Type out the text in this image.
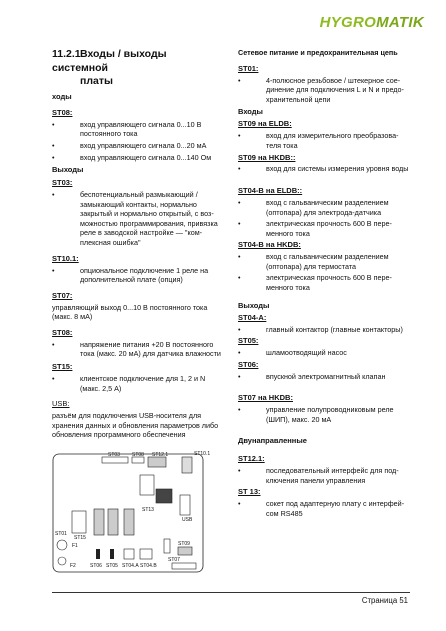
HYGROMATIK
11.2.1Входы / выходы системной
платы
ходы
ST08:
• вход управляющего сигнала 0...10 В постоянного тока
• вход управляющего сигнала 0...20 мА
• вход управляющего сигнала 0...140 Ом
Выходы
ST03:
• беспотенциальный размыкающий / замыкающий контакты, нормально закрытый и нормально открытый, с воз- можностью программирования, привязка реле в заводской настройке — "ком- плексная ошибка"
ST10.1:
• опциональное подключение 1 реле на дополнительной плате (опция)
ST07:

управляющий выход 0...10 В постоянного тока (макс. 8 мА)

ST08:
• напряжение питания +20 В постоянного тока (макс. 20 мА) для датчика влажности
ST15:
• клиентское подключение для 1, 2 и N (макс. 2,5 А)
USB:

разъём для подключения USB-носителя для хранения данных и обновления параметров либо обновления программного обеспечения

ST03 ST08 ST12.1	ST10.1
ST13
USB
ST01
ST15
F1
F2	ST06 ST05 ST04.A ST04.B
ST09
ST07
Сетевое питание и предохранительная цепь
ST01:
• 4-полюсное резьбовое / штекерное сое- динение для подключения L и N и предо- хранительной цепи
Входы
ST09 на ELDB:
• вход для измерительного преобразова- теля тока
ST09 на HKDB::
• вход для системы измерения уровня воды
ST04-B на ELDB::
• вход с гальваническим разделением (оптопара) для электрода-датчика
• электрическая прочность 600 В пере- менного тока
ST04-B на HKDB:
• вход с гальваническим разделением (оптопара) для термостата
• электрическая прочность 600 В пере- менного тока
Выходы
ST04-A:
• главный контактор (главные контакторы)
ST05:
• шламоотводящий насос
ST06:
• впускной электромагнитный клапан
ST07 на HKDB:
• управление полупроводниковым реле (ШИП), макс. 20 мА
Двунаправленные
ST12.1:
• последовательный интерфейс для под- ключения панели управления
ST 13:
• сокет под адаптерную плату с интерфей- сом RS485
Страница 51
